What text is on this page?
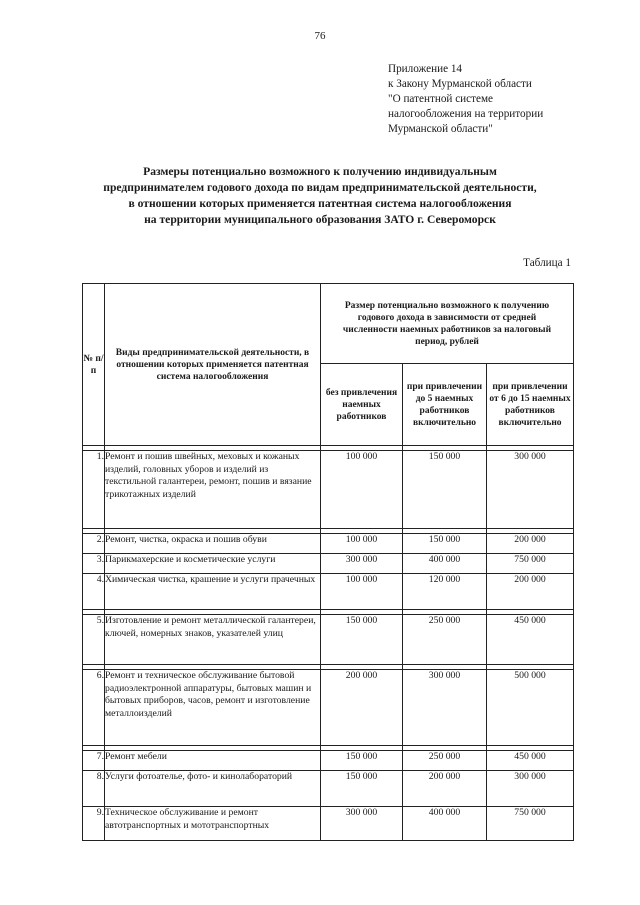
76
Приложение 14
к Закону Мурманской области
"О патентной системе
налогообложения на территории
Мурманской области"
Размеры потенциально возможного к получению индивидуальным
предпринимателем годового дохода по видам предпринимательской деятельности,
в отношении которых применяется патентная система налогообложения
на территории муниципального образования ЗАТО г. Североморск
Таблица 1
№ п/п	Виды предпринимательской деятельности, в отношении которых применяется патентная система налогообложения	Размер потенциально возможного к получению годового дохода в зависимости от средней численности наемных работников за налоговый период, рублей		
		без привлечения наемных работников	при привлечении до 5 наемных работников включительно	при привлечении от 6 до 15 наемных работников включительно

1.	Ремонт и пошив швейных, меховых и кожаных изделий, головных уборов и изделий из текстильной галантереи, ремонт, пошив и вязание трикотажных изделий	100 000	150 000	300 000

2.	Ремонт, чистка, окраска и пошив обуви	100 000	150 000	200 000
3.	Парикмахерские и косметические услуги	300 000	400 000	750 000
4.	Химическая чистка, крашение и услуги прачечных	100 000	120 000	200 000

5.	Изготовление и ремонт металлической галантереи, ключей, номерных знаков, указателей улиц	150 000	250 000	450 000

6.	Ремонт и техническое обслуживание бытовой радиоэлектронной аппаратуры, бытовых машин и бытовых приборов, часов, ремонт и изготовление металлоизделий	200 000	300 000	500 000

7.	Ремонт мебели	150 000	250 000	450 000
8.	Услуги фотоателье, фото- и кинолабораторий	150 000	200 000	300 000
9.	Техническое обслуживание и ремонт автотранспортных и мототранспортных	300 000	400 000	750 000
